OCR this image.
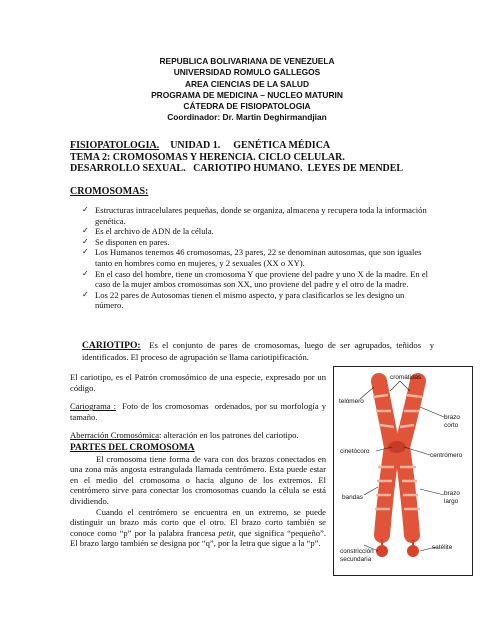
REPUBLICA BOLIVARIANA DE VENEZUELA
UNIVERSIDAD ROMULO GALLEGOS
AREA CIENCIAS DE LA SALUD
PROGRAMA DE MEDICINA – NUCLEO MATURIN
CÁTEDRA DE FISIOPATOLOGIA
Coordinador: Dr. Martin Deghirmandjian
FISIOPATOLOGIA. UNIDAD 1. GENÉTICA MÉDICA
TEMA 2: CROMOSOMAS Y HERENCIA. CICLO CELULAR.
DESARROLLO SEXUAL.   CARIOTIPO HUMANO.  LEYES DE MENDEL
CROMOSOMAS:
✓ Estructuras intracelulares pequeñas, donde se organiza, almacena y recupera toda la información genética.
✓ Es el archivo de ADN de la célula.
✓ Se disponen en pares.
✓ Los Humanos tenemos 46 cromosomas, 23 pares, 22 se denominan autosomas, que son iguales tanto en hombres como en mujeres, y 2 sexuales (XX o XY).
✓ En el caso del hombre, tiene un cromosoma Y que proviene del padre y uno X de la madre. En el caso de la mujer ambos cromosomas son XX, uno proviene del padre y el otro de la madre.
✓ Los 22 pares de Autosomas tienen el mismo aspecto, y para clasificarlos se les designo un número.
CARIOTIPO:  Es el conjunto de pares de cromosomas, luego de ser agrupados, teñidos  y identificados. El proceso de agrupación se llama cariotipificación.

El cariotipo, es el Patrón cromosómico de una especie, expresado por un código.

Cariograma :  Foto de los cromosomas  ordenados, por su morfología y tamaño.

Aberración Cromosómica: alteración en los patrones del cariotipo.

PARTES DEL CROMOSOMA

El cromosoma tiene forma de vara con dos brazos conectados en una zona más angosta estrangulada llamada centrómero. Esta puede estar en el medio del cromosoma o hacia alguno de los extremos. El centrómero sirve para conectar los cromosomas cuando la célula se está dividiendo.

Cuando el centrómero se encuentra en un extremo, se puede distinguir un brazo más corto que el otro. El brazo corto también se conoce como “p” por la palabra francesa petit, que significa “pequeño”. El brazo largo también se designa por “q”, por la letra que sigue a la “p”.

cromátidas
telómero
brazo
corto
cinetócoro
centrómero
bandas
brazo
largo
constricción
secundaria
satélite
